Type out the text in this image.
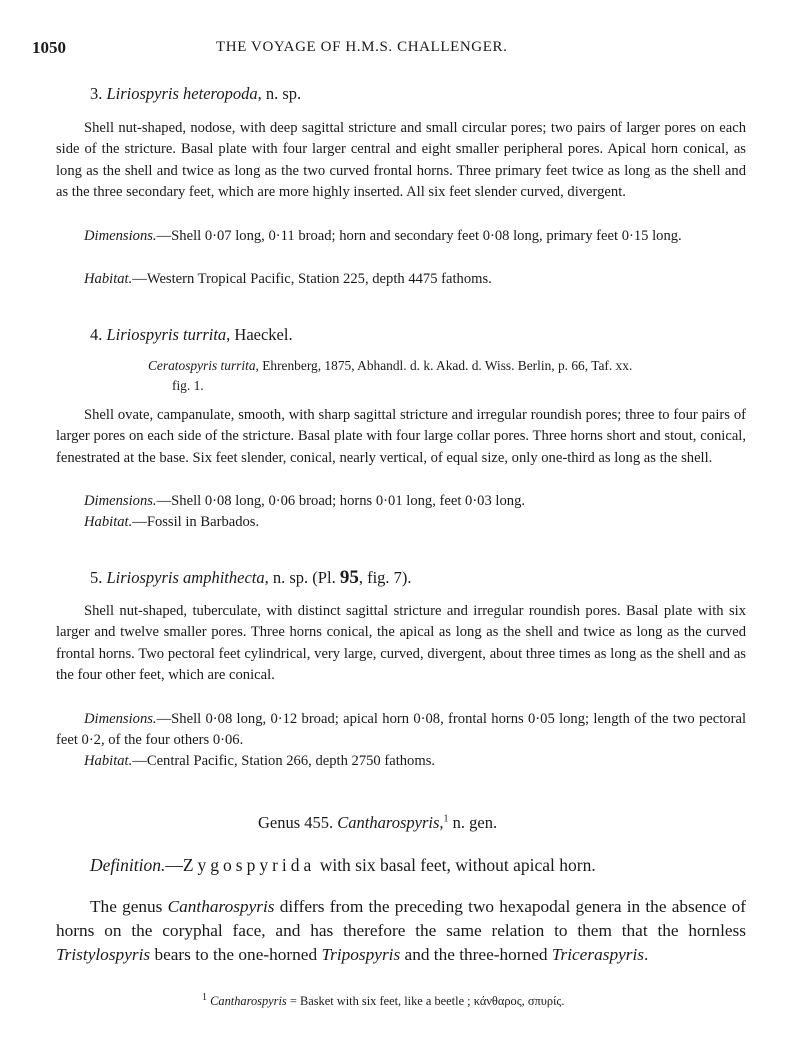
1050	THE VOYAGE OF H.M.S. CHALLENGER.
3. Liriospyris heteropoda, n. sp.
Shell nut-shaped, nodose, with deep sagittal stricture and small circular pores; two pairs of larger pores on each side of the stricture. Basal plate with four larger central and eight smaller peripheral pores. Apical horn conical, as long as the shell and twice as long as the two curved frontal horns. Three primary feet twice as long as the shell and as the three secondary feet, which are more highly inserted. All six feet slender curved, divergent.
Dimensions.—Shell 0·07 long, 0·11 broad; horn and secondary feet 0·08 long, primary feet 0·15 long.
Habitat.—Western Tropical Pacific, Station 225, depth 4475 fathoms.
4. Liriospyris turrita, Haeckel.
Ceratospyris turrita, Ehrenberg, 1875, Abhandl. d. k. Akad. d. Wiss. Berlin, p. 66, Taf. xx.
fig. 1.
Shell ovate, campanulate, smooth, with sharp sagittal stricture and irregular roundish pores; three to four pairs of larger pores on each side of the stricture. Basal plate with four large collar pores. Three horns short and stout, conical, fenestrated at the base. Six feet slender, conical, nearly vertical, of equal size, only one-third as long as the shell.
Dimensions.—Shell 0·08 long, 0·06 broad; horns 0·01 long, feet 0·03 long.
Habitat.—Fossil in Barbados.
5. Liriospyris amphithecta, n. sp. (Pl. 95, fig. 7).
Shell nut-shaped, tuberculate, with distinct sagittal stricture and irregular roundish pores. Basal plate with six larger and twelve smaller pores. Three horns conical, the apical as long as the shell and twice as long as the curved frontal horns. Two pectoral feet cylindrical, very large, curved, divergent, about three times as long as the shell and as the four other feet, which are conical.
Dimensions.—Shell 0·08 long, 0·12 broad; apical horn 0·08, frontal horns 0·05 long; length of the two pectoral feet 0·2, of the four others 0·06.
Habitat.—Central Pacific, Station 266, depth 2750 fathoms.
Genus 455. Cantharospyris,$^1$ n. gen.
Definition.—Zygospyrida with six basal feet, without apical horn.
The genus Cantharospyris differs from the preceding two hexapodal genera in the absence of horns on the coryphal face, and has therefore the same relation to them that the hornless Tristylospyris bears to the one-horned Tripospyris and the three-horned Triceraspyris.
$^1$ Cantharospyris = Basket with six feet, like a beetle ; κάνθαρος, σπυρίς.
